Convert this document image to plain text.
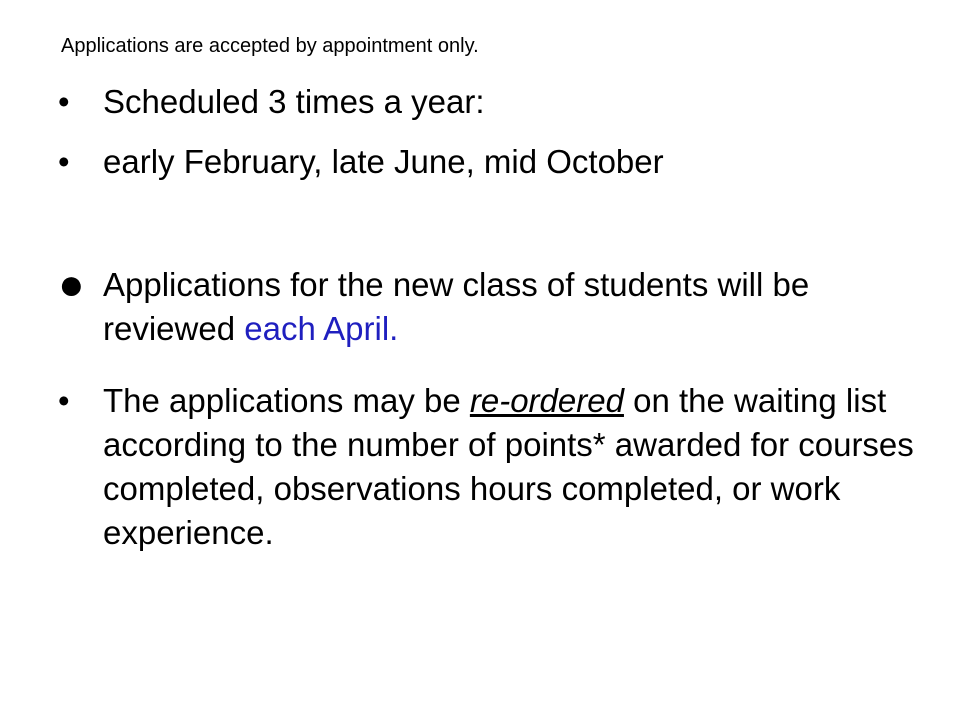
Applications are accepted by appointment only.
•	Scheduled 3 times a year:
•	early February, late June, mid October
● Applications for the new class of students will be reviewed each April.
•	The applications may be re-ordered on the waiting list according to the number of points* awarded for courses completed, observations hours completed, or work experience.
